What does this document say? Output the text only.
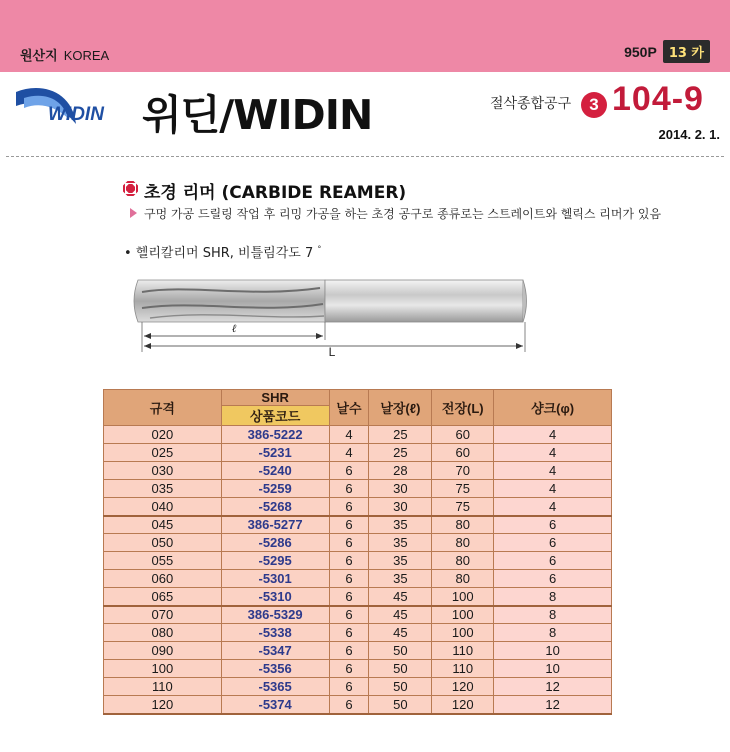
원산지 KOREA	950P 13 카
WIDIN 위딘/WIDIN	절삭종합공구	3 104-9
2014. 2. 1.
초경 리머 (CARBIDE REAMER)
구멍 가공 드릴링 작업 후 리밍 가공을 하는 초경 공구로 종류로는 스트레이트와 헬릭스 리머가 있음
• 헬리칼리머 SHR, 비틀림각도 7 °
ℓ
L
규격	SHR	날수	날장(ℓ)	전장(L)	샹크(φ)
	상품코드				
020	386-5222	4	25	60	4
025	-5231	4	25	60	4
030	-5240	6	28	70	4
035	-5259	6	30	75	4
040	-5268	6	30	75	4
045	386-5277	6	35	80	6
050	-5286	6	35	80	6
055	-5295	6	35	80	6
060	-5301	6	35	80	6
065	-5310	6	45	100	8
070	386-5329	6	45	100	8
080	-5338	6	45	100	8
090	-5347	6	50	110	10
100	-5356	6	50	110	10
110	-5365	6	50	120	12
120	-5374	6	50	120	12
